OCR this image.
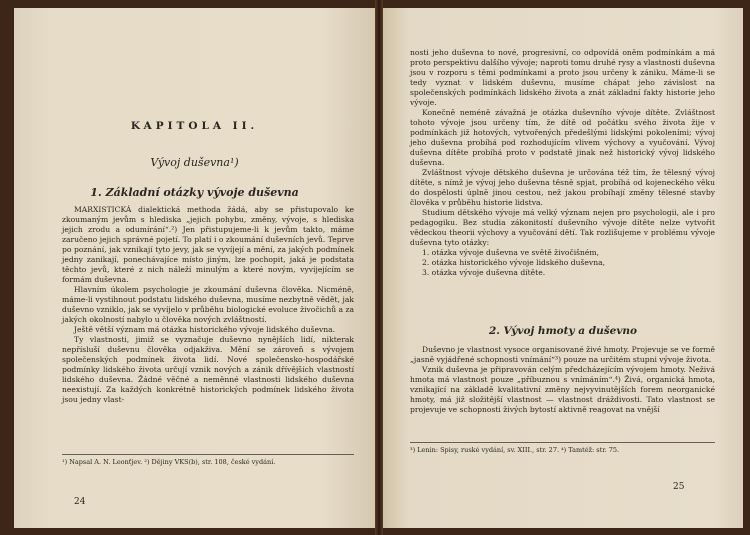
KAPITOLA II.
Vývoj duševna¹)
1. Základní otázky vývoje duševna

MARXISTICKÁ dialektická methoda žádá, aby se přistupovalo ke zkoumaným jevům s hlediska „jejich pohybu, změny, vývoje, s hlediska jejich zrodu a odumírání“.²) Jen přistupujeme-li k jevům takto, máme zaručeno jejich správné pojetí. To platí i o zkoumání duševních jevů. Teprve po poznání, jak vznikají tyto jevy, jak se vyvíjejí a mění, za jakých podmínek jedny zanikají, ponechávajíce místo jiným, lze pochopit, jaká je podstata těchto jevů, které z nich náleží minulým a které novým, vyvíjejícím se formám duševna.

Hlavním úkolem psychologie je zkoumání duševna člověka. Nicméně, máme-li vystihnout podstatu lidského duševna, musíme nezbytně vědět, jak duševno vzniklo, jak se vyvíjelo v průběhu biologické evoluce živočichů a za jakých okolností nabylo u člověka nových zvláštností.

Ještě větší význam má otázka historického vývoje lidského duševna.

Ty vlastnosti, jimiž se vyznačuje duševno nynějších lidí, nikterak nepřísluší duševnu člověka odjakživa. Mění se zároveň s vývojem společenských podmínek života lidí. Nové společensko-hospodářské podmínky lidského života určují vznik nových a zánik dřívějších vlastností lidského duševna. Žádné věčné a neměnné vlastnosti lidského duševna neexistují. Za každých konkrétně historických podmínek lidského života jsou jedny vlast-

¹) Napsal A. N. Leonťjev. ²) Dějiny VKS(b), str. 108, české vydání.
24

nosti jeho duševna to nové, progresivní, co odpovídá oněm podmínkám a má proto perspektivu dalšího vývoje; naproti tomu druhé rysy a vlastnosti duševna jsou v rozporu s těmi podmínkami a proto jsou určeny k zániku. Máme-li se tedy vyznat v lidském duševnu, musíme chápat jeho závislost na společenských podmínkách lidského života a znát základní fakty historie jeho vývoje.

Konečně neméně závažná je otázka duševního vývoje dítěte. Zvláštnost tohoto vývoje jsou určeny tím, že dítě od počátku svého života žije v podmínkách již hotových, vytvořených předešlými lidskými pokoleními; vývoj jeho duševna probíhá pod rozhodujícím vlivem výchovy a vyučování. Vývoj duševna dítěte probíhá proto v podstatě jinak než historický vývoj lidského duševna.

Zvláštnost vývoje dětského duševna je určována též tím, že tělesný vývoj dítěte, s nímž je vývoj jeho duševna těsně spjat, probíhá od kojeneckého věku do dospělosti úplně jinou cestou, než jakou probíhají změny tělesné stavby člověka v průběhu historie lidstva.

Studium dětského vývoje má velký význam nejen pro psychologii, ale i pro pedagogiku. Bez studia zákonitostí duševního vývoje dítěte nelze vytvořit vědeckou theorii výchovy a vyučování dětí. Tak rozlišujeme v problému vývoje duševna tyto otázky:

1. otázka vývoje duševna ve světě živočišném,

2. otázka historického vývoje lidského duševna,

3. otázka vývoje duševna dítěte.

2. Vývoj hmoty a duševno

Duševno je vlastnost vysoce organisované živé hmoty. Projevuje se ve formě „jasně vyjádřené schopnosti vnímání“³) pouze na určitém stupni vývoje života.

Vznik duševna je připravován celým předcházejícím vývojem hmoty. Neživá hmota má vlastnost pouze „příbuznou s vnímáním“.⁴) Živá, organická hmota, vznikající na základě kvalitativní změny nejvyvinutějších forem neorganické hmoty, má již složitější vlastnost — vlastnost dráždivosti. Tato vlastnost se projevuje ve schopnosti živých bytostí aktivně reagovat na vnější

³) Lenin: Spisy, ruské vydání, sv. XIII., str. 27. ⁴) Tamtéž: str. 75.
25
